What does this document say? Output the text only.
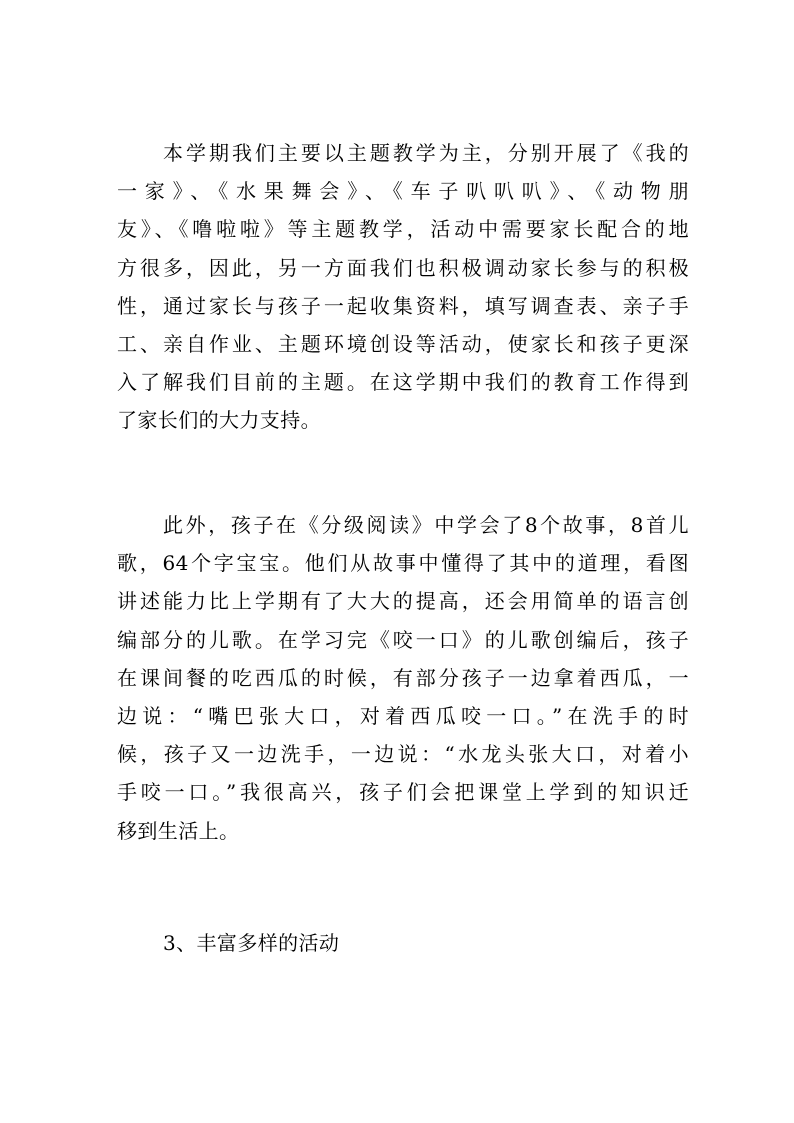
本学期我们主要以主题教学为主，分别开展了《我的
一家》、《水果舞会》、《车子叭叭叭》、《动物朋
友》、《噜啦啦》等主题教学，活动中需要家长配合的地
方很多，因此，另一方面我们也积极调动家长参与的积极
性，通过家长与孩子一起收集资料，填写调查表、亲子手
工、亲自作业、主题环境创设等活动，使家长和孩子更深
入了解我们目前的主题。在这学期中我们的教育工作得到
了家长们的大力支持。
此外，孩子在《分级阅读》中学会了8个故事，8首儿
歌，64个字宝宝。他们从故事中懂得了其中的道理，看图
讲述能力比上学期有了大大的提高，还会用简单的语言创
编部分的儿歌。在学习完《咬一口》的儿歌创编后，孩子
在课间餐的吃西瓜的时候，有部分孩子一边拿着西瓜，一
边说：“嘴巴张大口，对着西瓜咬一口。”在洗手的时
候，孩子又一边洗手，一边说：“水龙头张大口，对着小
手咬一口。”我很高兴，孩子们会把课堂上学到的知识迁
移到生活上。
3、丰富多样的活动
